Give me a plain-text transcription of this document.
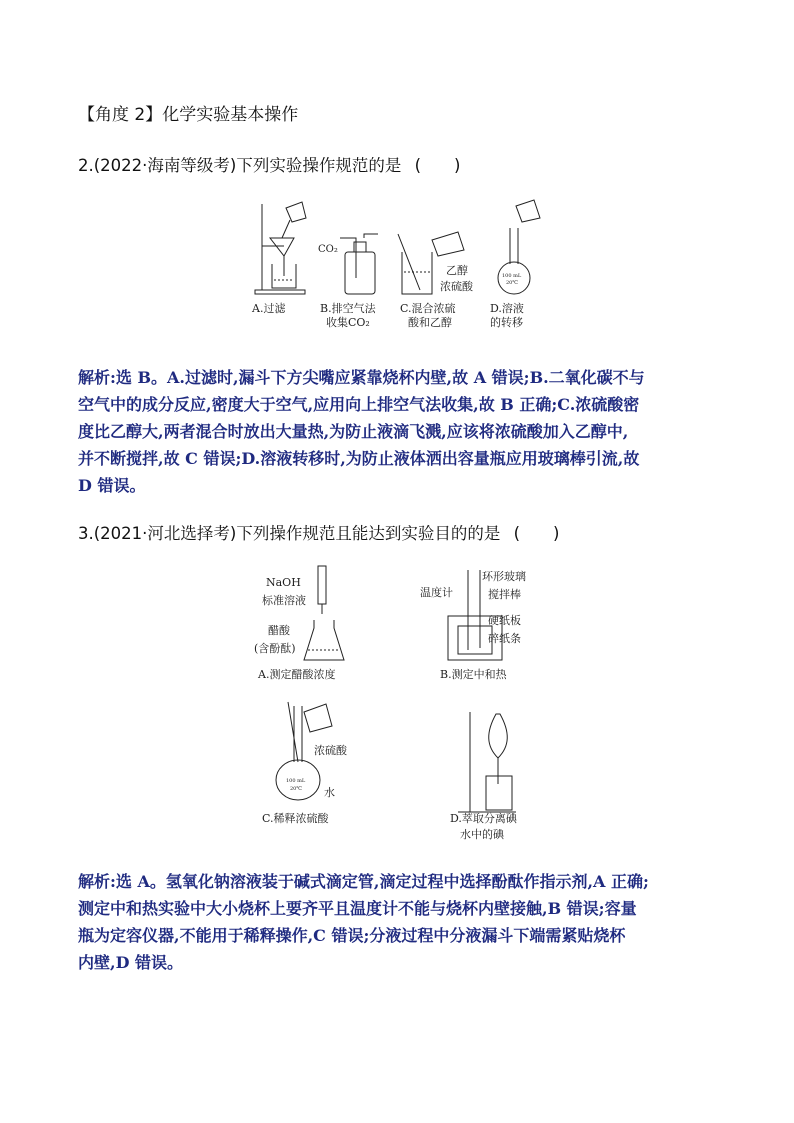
【角度 2】化学实验基本操作
2.(2022·海南等级考)下列实验操作规范的是 (　　)
A.过滤	B.排空气法
收集CO₂
CO₂
C.混合浓硫
酸和乙醇
乙醇
浓硫酸
D.溶液
的转移
100 mL
20℃

解析:选 B。A.过滤时,漏斗下方尖嘴应紧靠烧杯内壁,故 A 错误;B.二氧化碳不与

空气中的成分反应,密度大于空气,应用向上排空气法收集,故 B 正确;C.浓硫酸密

度比乙醇大,两者混合时放出大量热,为防止液滴飞溅,应该将浓硫酸加入乙醇中,

并不断搅拌,故 C 错误;D.溶液转移时,为防止液体洒出容量瓶应用玻璃棒引流,故

D 错误。

3.(2021·河北选择考)下列操作规范且能达到实验目的的是 (　　)
NaOH
标准溶液
醋酸
(含酚酞)
A.测定醋酸浓度
温度计
环形玻璃
搅拌棒
硬纸板
碎纸条
B.测定中和热
浓硫酸
水
100 mL
20℃
C.稀释浓硫酸	D.萃取分离碘
水中的碘

解析:选 A。氢氧化钠溶液装于碱式滴定管,滴定过程中选择酚酞作指示剂,A 正确;

测定中和热实验中大小烧杯上要齐平且温度计不能与烧杯内壁接触,B 错误;容量

瓶为定容仪器,不能用于稀释操作,C 错误;分液过程中分液漏斗下端需紧贴烧杯

内壁,D 错误。
